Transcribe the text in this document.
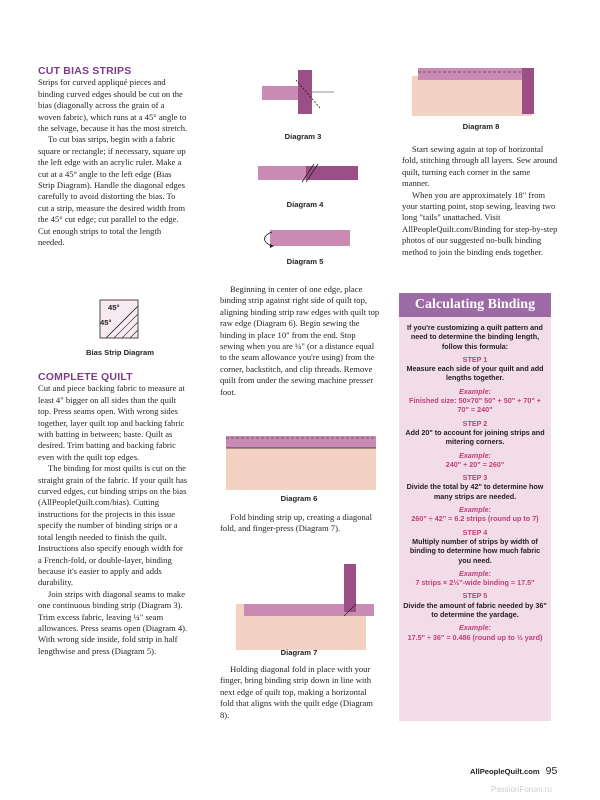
CUT BIAS STRIPS

Strips for curved appliqué pieces and binding curved edges should be cut on the bias (diagonally across the grain of a woven fabric), which runs at a 45° angle to the selvage, because it has the most stretch.

To cut bias strips, begin with a fabric square or rectangle; if necessary, square up the left edge with an acrylic ruler. Make a cut at a 45° angle to the left edge (Bias Strip Diagram). Handle the diagonal edges carefully to avoid distorting the bias. To cut a strip, measure the desired width from the 45° cut edge; cut parallel to the edge. Cut enough strips to total the length needed.

45°
45°
Bias Strip Diagram

COMPLETE QUILT

Cut and piece backing fabric to measure at least 4" bigger on all sides than the quilt top. Press seams open. With wrong sides together, layer quilt top and backing fabric with batting in between; baste. Quilt as desired. Trim batting and backing fabric even with the quilt top edges.

The binding for most quilts is cut on the straight grain of the fabric. If your quilt has curved edges, cut binding strips on the bias (AllPeopleQuilt.com/bias). Cutting instructions for the projects in this issue specify the number of binding strips or a total length needed to finish the quilt. Instructions also specify enough width for a French-fold, or double-layer, binding because it's easier to apply and adds durability.

Join strips with diagonal seams to make one continuous binding strip (Diagram 3). Trim excess fabric, leaving ¼" seam allowances. Press seams open (Diagram 4). With wrong side inside, fold strip in half lengthwise and press (Diagram 5).

Diagram 3
Diagram 4
Diagram 5

Beginning in center of one edge, place binding strip against right side of quilt top, aligning binding strip raw edges with quilt top raw edge (Diagram 6). Begin sewing the binding in place 10" from the end. Stop sewing when you are ¼" (or a distance equal to the seam allowance you're using) from the corner, backstitch, and clip threads. Remove quilt from under the sewing machine presser foot.

Diagram 6

Fold binding strip up, creating a diagonal fold, and finger-press (Diagram 7).

Diagram 7

Holding diagonal fold in place with your finger, bring binding strip down in line with next edge of quilt top, making a horizontal fold that aligns with the quilt edge (Diagram 8).

Diagram 8

Start sewing again at top of horizontal fold, stitching through all layers. Sew around quilt, turning each corner in the same manner.

When you are approximately 18" from your starting point, stop sewing, leaving two long "tails" unattached. Visit AllPeopleQuilt.com/Binding for step-by-step photos of our suggested no-bulk binding method to join the binding ends together.

Calculating Binding

If you're customizing a quilt pattern and need to determine the binding length, follow this formula:

STEP 1

Measure each side of your quilt and add lengths together.

Example:

Finished size: 50×70" 50" + 50" + 70" + 70" = 240"

STEP 2

Add 20" to account for joining strips and mitering corners.

Example:

240" + 20" = 260"

STEP 3

Divide the total by 42" to determine how many strips are needed.

Example:

260" ÷ 42" = 6.2 strips (round up to 7)

STEP 4

Multiply number of strips by width of binding to determine how much fabric you need.

Example:

7 strips × 2½"-wide binding = 17.5"

STEP 5

Divide the amount of fabric needed by 36" to determine the yardage.

Example:

17.5" ÷ 36" = 0.486 (round up to ½ yard)

AllPeopleQuilt.com 95
PassionForum.ru
